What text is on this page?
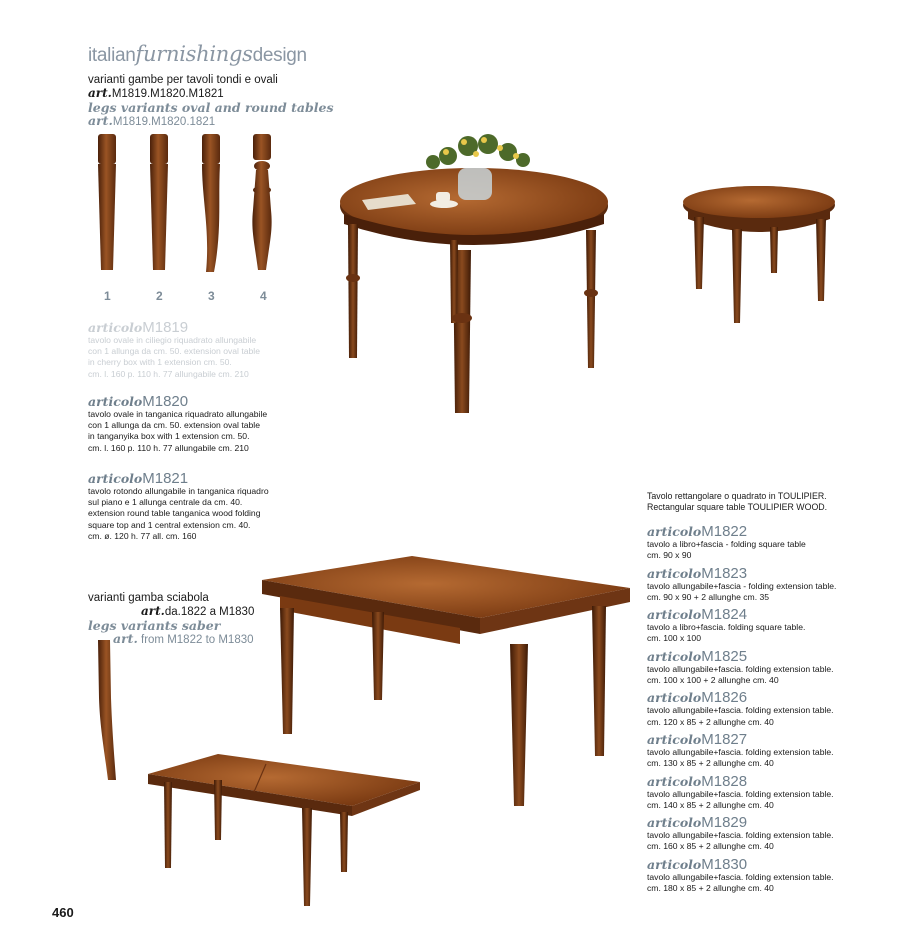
italianfurnishingsdesign
varianti gambe per tavoli tondi e ovali
art.M1819.M1820.M1821
legs variants oval and round tables
art.M1819.M1820.1821
1	2	3	4
articoloM1819
tavolo ovale in ciliegio riquadrato allungabile
con 1 allunga da cm. 50. extension oval table
in cherry box with 1 extension cm. 50.
cm. l. 160 p. 110 h. 77 allungabile cm. 210
articoloM1820
tavolo ovale in tanganica riquadrato allungabile
con 1 allunga da cm. 50. extension oval table
in tanganyika box with 1 extension cm. 50.
cm. l. 160 p. 110 h. 77 allungabile cm. 210
articoloM1821
tavolo rotondo allungabile in tanganica riquadro
sul piano e 1 allunga centrale da cm. 40.
extension round table tanganica wood folding
square top and 1 central extension cm. 40.
cm. ø. 120 h. 77 all. cm. 160
varianti gamba sciabola
art.da.1822 a M1830
legs variants saber
art. from M1822 to M1830
Tavolo rettangolare o quadrato in TOULIPIER.
Rectangular square table TOULIPIER WOOD.
articoloM1822
tavolo a libro+fascia - folding square table
cm. 90 x 90
articoloM1823
tavolo allungabile+fascia - folding extension table.
cm. 90 x 90 + 2 allunghe cm. 35
articoloM1824
tavolo a libro+fascia. folding square table.
cm. 100 x 100
articoloM1825
tavolo allungabile+fascia. folding extension table.
cm. 100 x 100 + 2 allunghe cm. 40
articoloM1826
tavolo allungabile+fascia. folding extension table.
cm. 120 x 85 + 2 allunghe cm. 40
articoloM1827
tavolo allungabile+fascia. folding extension table.
cm. 130 x 85 + 2 allunghe cm. 40
articoloM1828
tavolo allungabile+fascia. folding extension table.
cm. 140 x 85 + 2 allunghe cm. 40
articoloM1829
tavolo allungabile+fascia. folding extension table.
cm. 160 x 85 + 2 allunghe cm. 40
articoloM1830
tavolo allungabile+fascia. folding extension table.
cm. 180 x 85 + 2 allunghe cm. 40
460
